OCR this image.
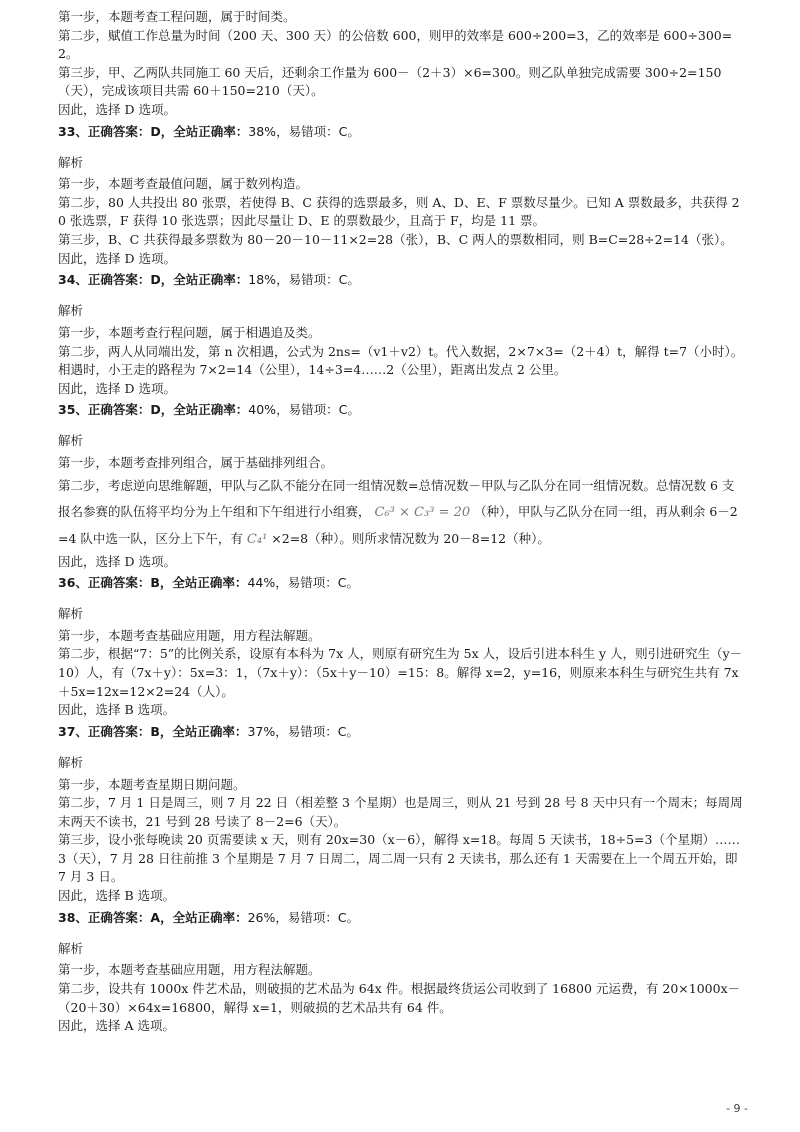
第一步，本题考查工程问题，属于时间类。

第二步，赋值工作总量为时间（200 天、300 天）的公倍数 600，则甲的效率是 600÷200=3，乙的效率是 600÷300=2。

第三步，甲、乙两队共同施工 60 天后，还剩余工作量为 600－（2＋3）×6=300。则乙队单独完成需要 300÷2=150（天），完成该项目共需 60＋150=210（天）。

因此，选择 D 选项。

33、正确答案：D，全站正确率：38%，易错项：C。

解析

第一步，本题考查最值问题，属于数列构造。

第二步，80 人共投出 80 张票，若使得 B、C 获得的选票最多，则 A、D、E、F 票数尽量少。已知 A 票数最多，共获得 20 张选票，F 获得 10 张选票；因此尽量让 D、E 的票数最少，且高于 F，均是 11 票。

第三步，B、C 共获得最多票数为 80－20－10－11×2=28（张），B、C 两人的票数相同，则 B=C=28÷2=14（张）。

因此，选择 D 选项。

34、正确答案：D，全站正确率：18%，易错项：C。

解析

第一步，本题考查行程问题，属于相遇追及类。

第二步，两人从同端出发，第 n 次相遇，公式为 2ns=（v1＋v2）t。代入数据，2×7×3=（2＋4）t，解得 t=7（小时）。相遇时，小王走的路程为 7×2=14（公里），14÷3=4……2（公里），距离出发点 2 公里。

因此，选择 D 选项。

35、正确答案：D，全站正确率：40%，易错项：C。

解析

第一步，本题考查排列组合，属于基础排列组合。

第二步，考虑逆向思维解题，甲队与乙队不能分在同一组情况数=总情况数－甲队与乙队分在同一组情况数。总情况数 6 支报名参赛的队伍将平均分为上午组和下午组进行小组赛， C₆³ × C₃³ = 20 （种），甲队与乙队分在同一组，再从剩余 6－2=4 队中选一队，区分上下午，有 C₄¹ ×2=8（种）。则所求情况数为 20－8=12（种）。

因此，选择 D 选项。

36、正确答案：B，全站正确率：44%，易错项：C。

解析

第一步，本题考查基础应用题，用方程法解题。

第二步，根据“7：5”的比例关系，设原有本科为 7x 人，则原有研究生为 5x 人，设后引进本科生 y 人，则引进研究生（y－10）人，有（7x＋y）：5x=3：1，（7x＋y）：（5x＋y－10）=15：8。解得 x=2，y=16，则原来本科生与研究生共有 7x＋5x=12x=12×2=24（人）。

因此，选择 B 选项。

37、正确答案：B，全站正确率：37%，易错项：C。

解析

第一步，本题考查星期日期问题。

第二步，7 月 1 日是周三，则 7 月 22 日（相差整 3 个星期）也是周三，则从 21 号到 28 号 8 天中只有一个周末；每周周末两天不读书，21 号到 28 号读了 8－2=6（天）。

第三步，设小张每晚读 20 页需要读 x 天，则有 20x=30（x－6），解得 x=18。每周 5 天读书，18÷5=3（个星期）……3（天），7 月 28 日往前推 3 个星期是 7 月 7 日周二，周二周一只有 2 天读书，那么还有 1 天需要在上一个周五开始，即 7 月 3 日。

因此，选择 B 选项。

38、正确答案：A，全站正确率：26%，易错项：C。

解析

第一步，本题考查基础应用题，用方程法解题。

第二步，设共有 1000x 件艺术品，则破损的艺术品为 64x 件。根据最终货运公司收到了 16800 元运费，有 20×1000x－（20＋30）×64x=16800，解得 x=1，则破损的艺术品共有 64 件。

因此，选择 A 选项。

- 9 -
